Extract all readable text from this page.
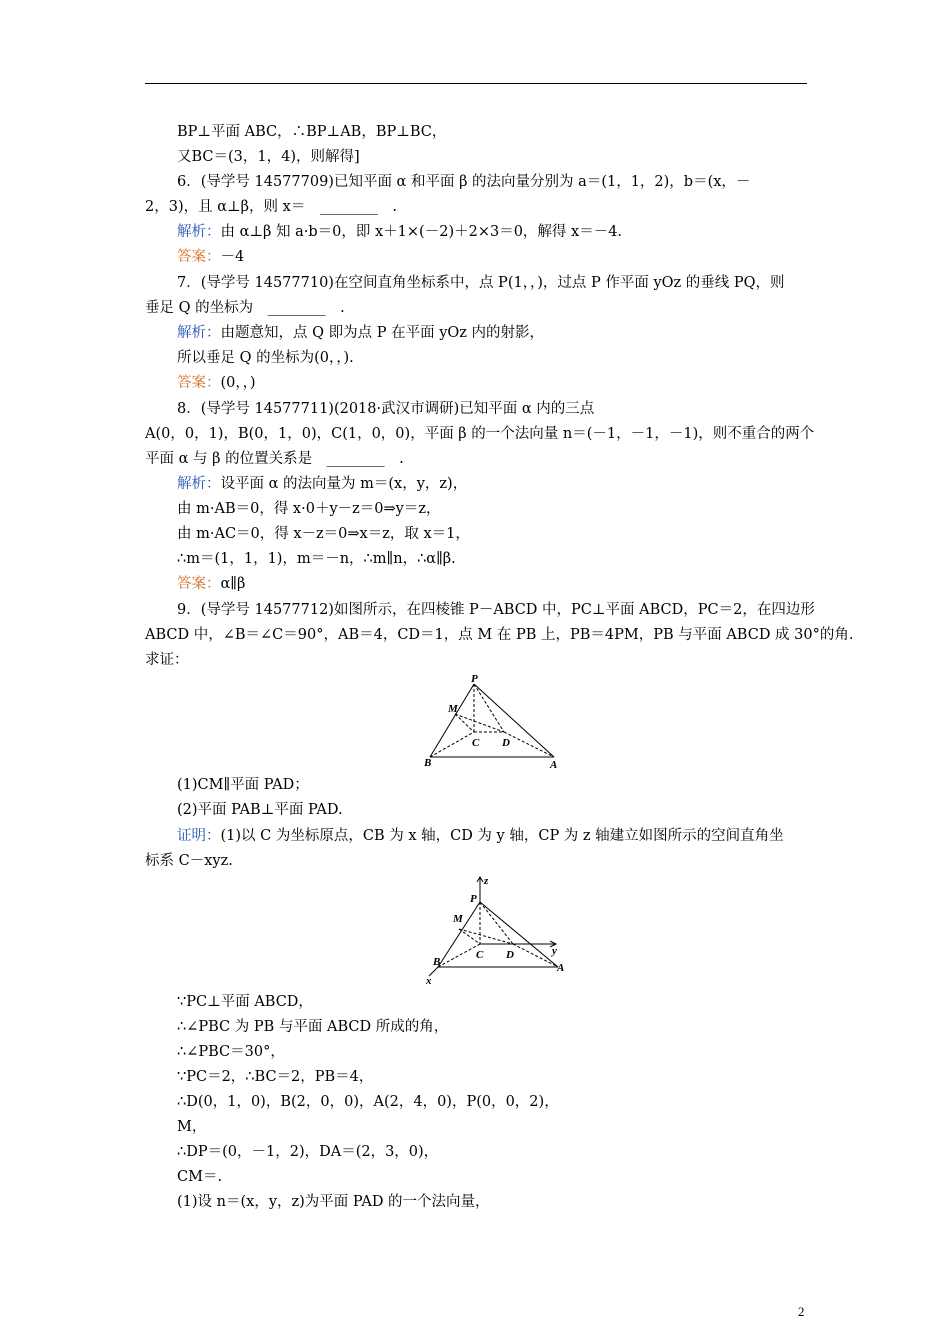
BP⊥平面 ABC，∴BP⊥AB，BP⊥BC，
又BC＝(3，1，4)，则解得]
6．(导学号 14577709)已知平面 α 和平面 β 的法向量分别为 a＝(1，1，2)，b＝(x，－
2，3)，且 α⊥β，则 x＝　________　.
解析：由 α⊥β 知 a·b＝0，即 x＋1×(－2)＋2×3＝0，解得 x＝－4.
答案：－4
7．(导学号 14577710)在空间直角坐标系中，点 P(1，，)，过点 P 作平面 yOz 的垂线 PQ，则
垂足 Q 的坐标为　________　.
解析：由题意知，点 Q 即为点 P 在平面 yOz 内的射影，
所以垂足 Q 的坐标为(0，，).
答案：(0，，)
8．(导学号 14577711)(2018·武汉市调研)已知平面 α 内的三点
A(0，0，1)，B(0，1，0)，C(1，0，0)，平面 β 的一个法向量 n＝(－1，－1，－1)，则不重合的两个
平面 α 与 β 的位置关系是　________　.
解析：设平面 α 的法向量为 m＝(x，y，z)，
由 m·AB＝0，得 x·0＋y－z＝0⇒y＝z，
由 m·AC＝0，得 x－z＝0⇒x＝z，取 x＝1，
∴m＝(1，1，1)，m＝－n，∴m∥n，∴α∥β.
答案：α∥β
9．(导学号 14577712)如图所示，在四棱锥 P－ABCD 中，PC⊥平面 ABCD，PC＝2，在四边形
ABCD 中，∠B＝∠C＝90°，AB＝4，CD＝1，点 M 在 PB 上，PB＝4PM，PB 与平面 ABCD 成 30°的角.
求证：
(1)CM∥平面 PAD；
(2)平面 PAB⊥平面 PAD.
证明：(1)以 C 为坐标原点，CB 为 x 轴，CD 为 y 轴，CP 为 z 轴建立如图所示的空间直角坐
标系 C－xyz.
∵PC⊥平面 ABCD，
∴∠PBC 为 PB 与平面 ABCD 所成的角，
∴∠PBC＝30°，
∵PC＝2，∴BC＝2，PB＝4，
∴D(0，1，0)，B(2，0，0)，A(2，4，0)，P(0，0，2)，
M，
∴DP＝(0，－1，2)，DA＝(2，3，0)，
CM＝.
(1)设 n＝(x，y，z)为平面 PAD 的一个法向量，
P
M
C D
B	A
z
P
M
C D	y
B	A
x
2
